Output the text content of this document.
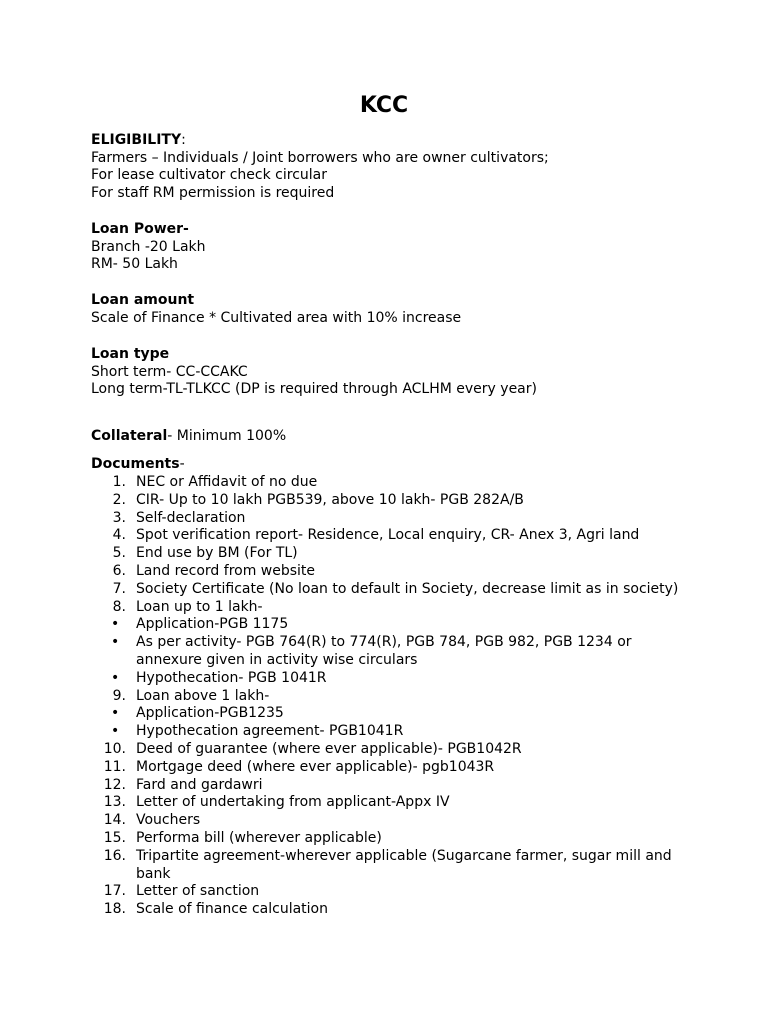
KCC
ELIGIBILITY:
Farmers – Individuals / Joint borrowers who are owner cultivators;
For lease cultivator check circular
For staff RM permission is required
Loan Power-
Branch -20 Lakh
RM- 50 Lakh
Loan amount
Scale of Finance * Cultivated area with 10% increase
Loan type
Short term- CC-CCAKC
Long term-TL-TLKCC (DP is required through ACLHM every year)
Collateral- Minimum 100%
Documents-
1. NEC or Affidavit of no due
2. CIR- Up to 10 lakh PGB539, above 10 lakh- PGB 282A/B
3. Self-declaration
4. Spot verification report- Residence, Local enquiry, CR- Anex 3, Agri land
5. End use by BM (For TL)
6. Land record from website
7. Society Certificate (No loan to default in Society, decrease limit as in society)
8. Loan up to 1 lakh-
• Application-PGB 1175
• As per activity- PGB 764(R) to 774(R), PGB 784, PGB 982, PGB 1234 or annexure given in activity wise circulars
• Hypothecation- PGB 1041R
9. Loan above 1 lakh-
• Application-PGB1235
• Hypothecation agreement- PGB1041R
10. Deed of guarantee (where ever applicable)- PGB1042R
11. Mortgage deed (where ever applicable)- pgb1043R
12. Fard and gardawri
13. Letter of undertaking from applicant-Appx IV
14. Vouchers
15. Performa bill (wherever applicable)
16. Tripartite agreement-wherever applicable (Sugarcane farmer, sugar mill and bank
17. Letter of sanction
18. Scale of finance calculation
